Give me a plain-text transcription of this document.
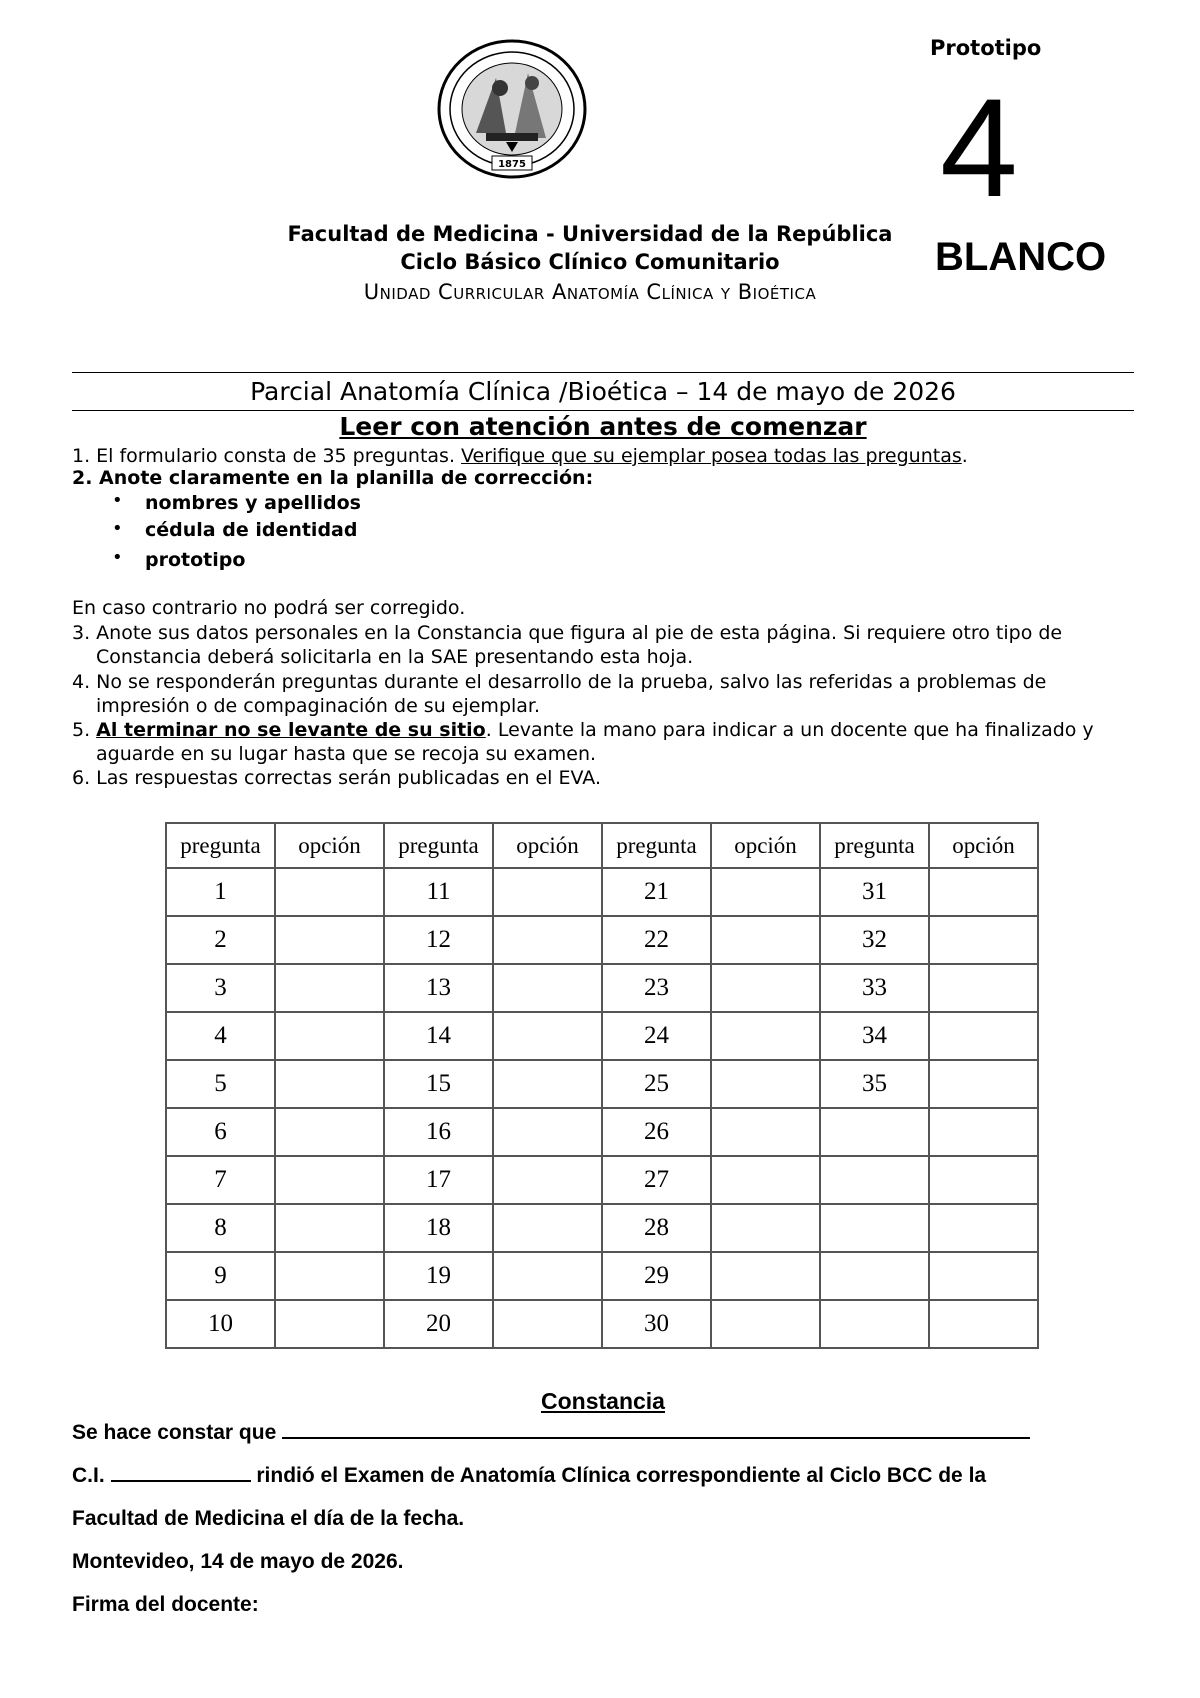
1875
Prototipo
4
BLANCO
Facultad de Medicina - Universidad de la República
Ciclo Básico Clínico Comunitario
Unidad Curricular Anatomía Clínica y Bioética
Parcial Anatomía Clínica /Bioética – 14 de mayo de 2026
Leer con atención antes de comenzar
1. El formulario consta de 35 preguntas. Verifique que su ejemplar posea todas las preguntas.
2. Anote claramente en la planilla de corrección:
• nombres y apellidos
• cédula de identidad
• prototipo
En caso contrario no podrá ser corregido.
3. Anote sus datos personales en la Constancia que figura al pie de esta página. Si requiere otro tipo de
Constancia deberá solicitarla en la SAE presentando esta hoja.
4. No se responderán preguntas durante el desarrollo de la prueba, salvo las referidas a problemas de
impresión o de compaginación de su ejemplar.
5. Al terminar no se levante de su sitio. Levante la mano para indicar a un docente que ha finalizado y
aguarde en su lugar hasta que se recoja su examen.
6. Las respuestas correctas serán publicadas en el EVA.
pregunta	opción	pregunta	opción	pregunta	opción	pregunta	opción
1		11		21		31	
2		12		22		32	
3		13		23		33	
4		14		24		34	
5		15		25		35	
6		16		26			
7		17		27			
8		18		28			
9		19		29			
10		20		30			
Constancia
Se hace constar que
C.I.	rindió el Examen de Anatomía Clínica correspondiente al Ciclo BCC de la
Facultad de Medicina el día de la fecha.
Montevideo, 14 de mayo de 2026.
Firma del docente:
